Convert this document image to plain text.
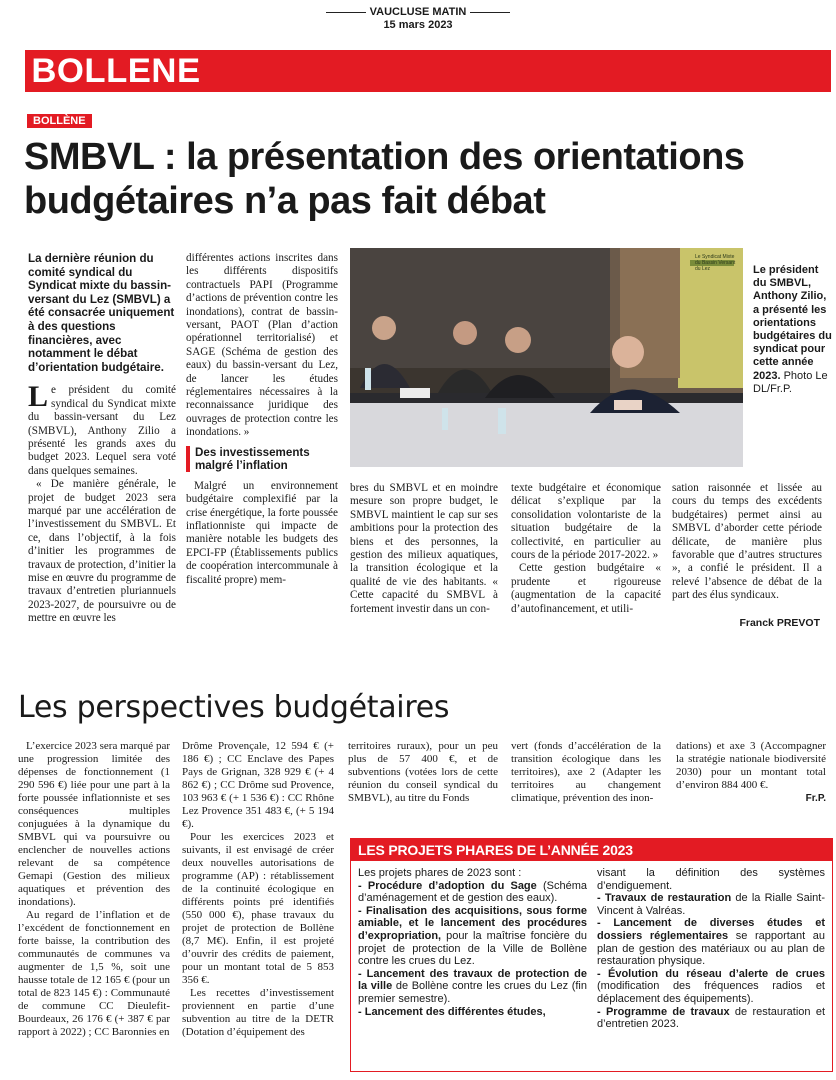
VAUCLUSE MATIN
15 mars 2023
BOLLENE
BOLLÈNE
SMBVL : la présentation des orientations
budgétaires n’a pas fait débat

La dernière réunion du comité syndical du Syndicat mixte du bassin-versant du Lez (SMBVL) a été consacrée uniquement à des questions financières, avec notamment le débat d’orientation budgétaire.

Le président du comité syndical du Syndicat mixte du bassin-versant du Lez (SMBVL), Anthony Zilio a présenté les grands axes du budget 2023. Lequel sera voté dans quelques semaines.

« De manière générale, le projet de budget 2023 sera marqué par une accélération de l’investissement du SMBVL. Et ce, dans l’objectif, à la fois d’initier les programmes de travaux de protection, d’initier la mise en œuvre du programme de travaux d’entretien pluriannuels 2023-2027, de poursuivre ou de mettre en œuvre les

différentes actions inscrites dans les différents dispositifs contractuels PAPI (Programme d’actions de prévention contre les inondations), contrat de bassin-versant, PAOT (Plan d’action opérationnel territorialisé) et SAGE (Schéma de gestion des eaux) du bassin-versant du Lez, de lancer les études réglementaires nécessaires à la reconnaissance juridique des ouvrages de protection contre les inondations. »

Des investissements malgré l’inflation

Malgré un environnement budgétaire complexifié par la crise énergétique, la forte poussée inflationniste qui impacte de manière notable les budgets des EPCI-FP (Établissements publics de coopération intercommunale à fiscalité propre) mem-

Le Syndicat Mixte du Bassin Versant du Lez	Le président du SMBVL, Anthony Zilio, a présenté les orientations budgétaires du syndicat pour cette année 2023. Photo Le DL/Fr.P.

bres du SMBVL et en moindre mesure son propre budget, le SMBVL maintient le cap sur ses ambitions pour la protection des biens et des personnes, la gestion des milieux aquatiques, la transition écologique et la qualité de vie des habitants. « Cette capacité du SMBVL à fortement investir dans un con-

texte budgétaire et économique délicat s’explique par la consolidation volontariste de la situation budgétaire de la collectivité, en particulier au cours de la période 2017-2022. »

Cette gestion budgétaire « prudente et rigoureuse (augmentation de la capacité d’autofinancement, et utili-

sation raisonnée et lissée au cours du temps des excédents budgétaires) permet ainsi au SMBVL d’aborder cette période délicate, de manière plus favorable que d’autres structures », a confié le président. Il a relevé l’absence de débat de la part des élus syndicaux.

Franck PREVOT
Les perspectives budgétaires

L’exercice 2023 sera marqué par une progression limitée des dépenses de fonctionnement (1 290 596 €) liée pour une part à la forte poussée inflationniste et ses conséquences multiples conjuguées à la dynamique du SMBVL qui va poursuivre ou enclencher de nouvelles actions relevant de sa compétence Gemapi (Gestion des milieux aquatiques et prévention des inondations).

Au regard de l’inflation et de l’excédent de fonctionnement en forte baisse, la contribution des communautés de communes va augmenter de 1,5 %, soit une hausse totale de 12 165 € (pour un total de 823 145 €) : Communauté de commune CC Dieulefit-Bourdeaux, 26 176 € (+ 387 € par rapport à 2022) ; CC Baronnies en

Drôme Provençale, 12 594 € (+ 186 €) ; CC Enclave des Papes Pays de Grignan, 328 929 € (+ 4 862 €) ; CC Drôme sud Provence, 103 963 € (+ 1 536 €) : CC Rhône Lez Provence 351 483 €, (+ 5 194 €).

Pour les exercices 2023 et suivants, il est envisagé de créer deux nouvelles autorisations de programme (AP) : rétablissement de la continuité écologique en différents points pré identifiés (550 000 €), phase travaux du projet de protection de Bollène (8,7 M€). Enfin, il est projeté d’ouvrir des crédits de paiement, pour un montant total de 5 853 356 €.

Les recettes d’investissement proviennent en partie d’une subvention au titre de la DETR (Dotation d’équipement des

territoires ruraux), pour un peu plus de 57 400 €, et de subventions (votées lors de cette réunion du conseil syndical du SMBVL), au titre du Fonds

vert (fonds d’accélération de la transition écologique dans les territoires), axe 2 (Adapter les territoires au changement climatique, prévention des inon-

dations) et axe 3 (Accompagner la stratégie nationale biodiversité 2030) pour un montant total d’environ 884 400 €.

Fr.P.

LES PROJETS PHARES DE L’ANNÉE 2023

Les projets phares de 2023 sont :

- Procédure d’adoption du Sage (Schéma d’aménagement et de gestion des eaux).

- Finalisation des acquisitions, sous forme amiable, et le lancement des procédures d’expropriation, pour la maîtrise foncière du projet de protection de la Ville de Bollène contre les crues du Lez.

- Lancement des travaux de protection de la ville de Bollène contre les crues du Lez (fin premier semestre).

- Lancement des différentes études,

visant la définition des systèmes d’endiguement.

- Travaux de restauration de la Rialle Saint-Vincent à Valréas.

- Lancement de diverses études et dossiers réglementaires se rapportant au plan de gestion des matériaux ou au plan de restauration physique.

- Évolution du réseau d’alerte de crues (modification des fréquences radios et déplacement des équipements).

- Programme de travaux de restauration et d’entretien 2023.
